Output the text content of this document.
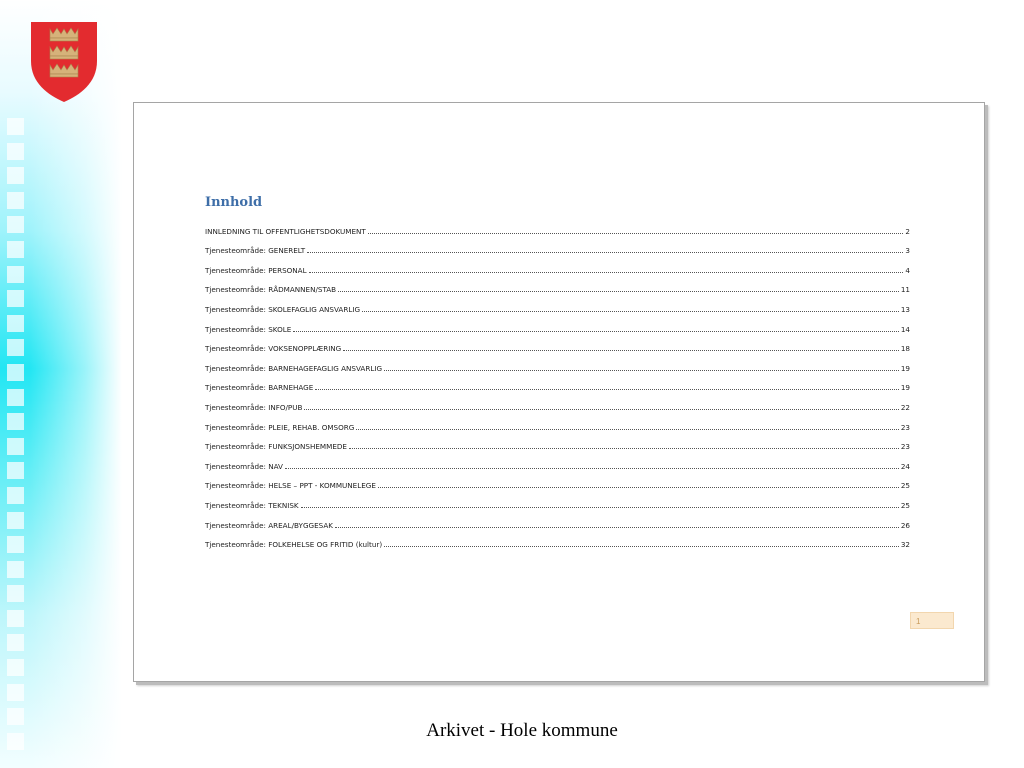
Innhold
INNLEDNING TIL OFFENTLIGHETSDOKUMENT	2
Tjenesteområde: GENERELT	3
Tjenesteområde: PERSONAL	4
Tjenesteområde: RÅDMANNEN/STAB	11
Tjenesteområde: SKOLEFAGLIG ANSVARLIG	13
Tjenesteområde: SKOLE	14
Tjenesteområde: VOKSENOPPLÆRING	18
Tjenesteområde: BARNEHAGEFAGLIG ANSVARLIG	19
Tjenesteområde: BARNEHAGE	19
Tjenesteområde: INFO/PUB	22
Tjenesteområde: PLEIE, REHAB. OMSORG	23
Tjenesteområde: FUNKSJONSHEMMEDE	23
Tjenesteområde: NAV	24
Tjenesteområde: HELSE – PPT - KOMMUNELEGE	25
Tjenesteområde: TEKNISK	25
Tjenesteområde: AREAL/BYGGESAK	26
Tjenesteområde: FOLKEHELSE OG FRITID (kultur)	32
1
Arkivet - Hole kommune
